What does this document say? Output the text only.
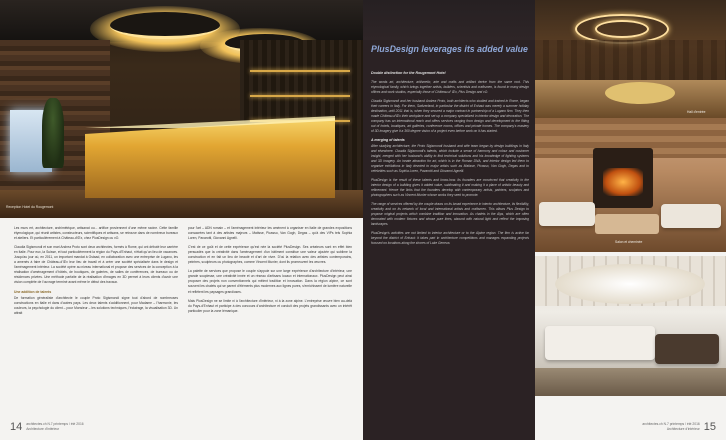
Reception Hotel du Rougemont

Les murs ert, architecture, archimétrique, artisanat ou... artifice proviennent d'une même racine. Cette famille étymologique, qui réunit artistes, constructeurs, scientifiques et artisans, se retrouve dans de nombreux bureaux et ateliers. Et particulièrement à Château-d'Œx, chez PlusDesign ou vO.

Claudia Sigismondi et son mari Andrea Proto sont deux architectes, formés à Rome, qui ont débuté leur carrière en Italie. Pour eux, la Suisse, et tout particulièrement la région du Pays-d'Enhaut, n'était qu'un lieu de vacances. Jusqu'au jour où, en 2011, un important mandat à Gstaad, en collaboration avec une entreprise de Lugano, les a amenés à faire de Château-d'Œx leur lieu de travail et à créer une société spécialisée dans le design et l'aménagement intérieur. La société opère au niveau international et propose des services de la conception à la réalisation d'aménagement d'hôtels, de boutiques, de galeries, de salles de conférences, de bureaux ou de résidences privées. Une méthode parfaite de la réalisation d'images en 3D permet à leurs clients d'avoir une vision complète de l'ouvrage terminé avant même le début des travaux.

Une addition de talents

De formation généraliste d'architecte le couple Proto Sigismondi signe tout d'abord de nombreuses constructions en Italie et dans d'autres pays. Les deux talents s'additionnent, pour Madame – l'harmonie, les couleurs, la psychologie du client – pour Monsieur – les solutions techniques, l'éclairage, la visualisation 3D. Un attrait

pour l'art – ADN romain – et l'aménagement intérieur les amènent à organiser en Italie de grandes expositions consacrées tant à des artistes majeurs – Matisse, Picasso, Van Gogh, Degas – qu'à des VIPs tels Sophia Loren, Pavarotti, Giovanni Agnelli.

C'est de ce goût et de cette expérience qu'est née la société PlusDesign. Ses créateurs sont en effet bien persuadés que la créativité dans l'aménagement d'un bâtiment constitue une valeur ajoutée qui sublime la construction et en fait un lieu de beauté et d'art de vivre. D'où la relation avec des artistes contemporains, peintres, sculpteurs ou photographes, comme Vincent Munier, dont ils promeuvent les œuvres.

La palette de services que propose le couple s'appuie sur une large expérience d'architecture d'intérieur, une grande souplesse, une créativité innée et un réseau d'artisans locaux et internationaux. PlusDesign peut ainsi proposer des projets non conventionnels qui mêlent tradition et innovation. Dans la région alpine, ce sont souvent les chalets qui se parent d'éléments plus modernes aux lignes pures, s'enrichissent de lumière naturelle et reflètent les paysages grandioses.

Mais PlusDesign ne se limite ni à l'architecture d'intérieur, ni à la zone alpine. L'entreprise œuvre bien au-delà du Pays-d'Enhaut et participe à des concours d'architecture et conduit des projets grandissants avec un intérêt particulier pour la zone lémanique.

14 architectes.ch N.7 printemps / été 2016
Architecture d'intérieur
PlusDesign leverages its added value
Double distinction for the Rougemont Hotel

The words art, architecture, arithmetic, arte and crafts and artifact derive from the same root. This etymological family, which brings together artists, builders, scientists and craftsmen, is found in many design offices and work studios, especially those of Château-d' Œx, Plus Design and vO.

Claudia Sigismondi and her husband Andrea Proto, both architects who studied and trained in Rome, began their careers in Italy. For them, Switzerland, in particular the district of Enhaut was merely a summer holiday destination, until 2011 that is, when they secured a major contract in partnership of a Lugano firm. They then made Château-d'Œx their workplace and set up a company specialized in interior design and decoration. The company has an international reach and offers services ranging from design and development to the fitting out of hotels, boutiques, art galleries, conference rooms, offices and private homes. The company's mastery of 3D imagery give it a 360 degree vision of a project even before work on it has started.

A merging of talents

After studying architecture, the Proto Sigismondi husband and wife team began by design buildings in Italy and elsewhere. Claudia Sigismondi's talents, which include a sense of harmony and colour and customer insight, merged with her husband's ability to find technical solutions and his knowledge of lighting systems and 3D imagery. An innate attraction for art, which is in the Roman DNA, and interior design led them to organize exhibitions in Italy devoted to major artists such as Matisse, Picasso, Van Gogh, Degas and to celebrities such as Sophia Loren, Pavarotti and Giovanni Agnelli.

PlusDesign is the result of these talents and know-how. Its founders are convinced that creativity in the interior design of a building gives it added value, sublimating it and making it a place of artistic beauty and refinement. Hence the links that the founders develop with contemporary artists, painters, sculptors and photographers such as Vincent Munier whose works they seek to promote.

The range of services offered by the couple draws on its broad experience in interior architecture, its flexibility, creativity and on its network of local and international artists and craftsmen. This allows Plus Design to propose original projects which combine tradition and innovation. As chalets in the Alps, which are often decorated with modern fixtures and whose pure lines, abound with natural light and reflect the imposing landscapes.

PlusDesign's activities are not limited to interior architecture or to the Alpine region. The firm is active far beyond the district of Enhaut: it takes part in architecture competitions and manages expanding projects focused on locations along the shores of Lake Geneva.

Hall d'entrée
Salon et cheminée
architectes.ch N.7 printemps / été 2016
Architecture d'intérieur 15
